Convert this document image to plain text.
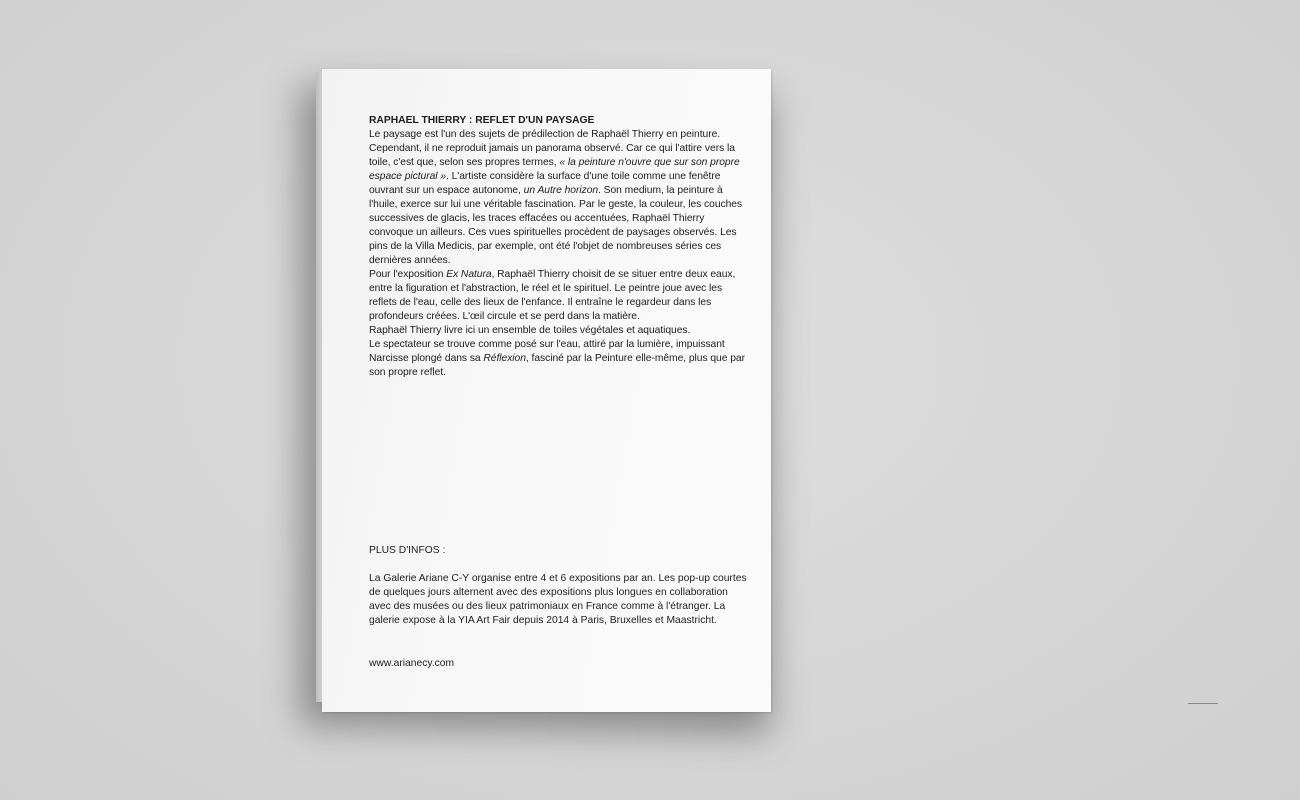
RAPHAEL THIERRY : REFLET D'UN PAYSAGE

Le paysage est l'un des sujets de prédilection de Raphaël Thierry en peinture. Cependant, il ne reproduit jamais un panorama observé. Car ce qui l'attire vers la toile, c'est que, selon ses propres termes, « la peinture n'ouvre que sur son propre espace pictural ». L'artiste considère la surface d'une toile comme une fenêtre ouvrant sur un espace autonome, un Autre horizon. Son medium, la peinture à l'huile, exerce sur lui une véritable fascination. Par le geste, la couleur, les couches successives de glacis, les traces effacées ou accentuées, Raphaël Thierry convoque un ailleurs. Ces vues spirituelles procèdent de paysages observés. Les pins de la Villa Medicis, par exemple, ont été l'objet de nombreuses séries ces dernières années.

Pour l'exposition Ex Natura, Raphaël Thierry choisit de se situer entre deux eaux, entre la figuration et l'abstraction, le réel et le spirituel. Le peintre joue avec les reflets de l'eau, celle des lieux de l'enfance. Il entraîne le regardeur dans les profondeurs créées. L'œil circule et se perd dans la matière.

Raphaël Thierry livre ici un ensemble de toiles végétales et aquatiques.

Le spectateur se trouve comme posé sur l'eau, attiré par la lumière, impuissant Narcisse plongé dans sa Réflexion, fasciné par la Peinture elle-même, plus que par son propre reflet.

PLUS D'INFOS :
La Galerie Ariane C-Y organise entre 4 et 6 expositions par an. Les pop-up courtes de quelques jours alternent avec des expositions plus longues en collaboration avec des musées ou des lieux patrimoniaux en France comme à l'étranger. La galerie expose à la YIA Art Fair depuis 2014 à Paris, Bruxelles et Maastricht.
www.arianecy.com
